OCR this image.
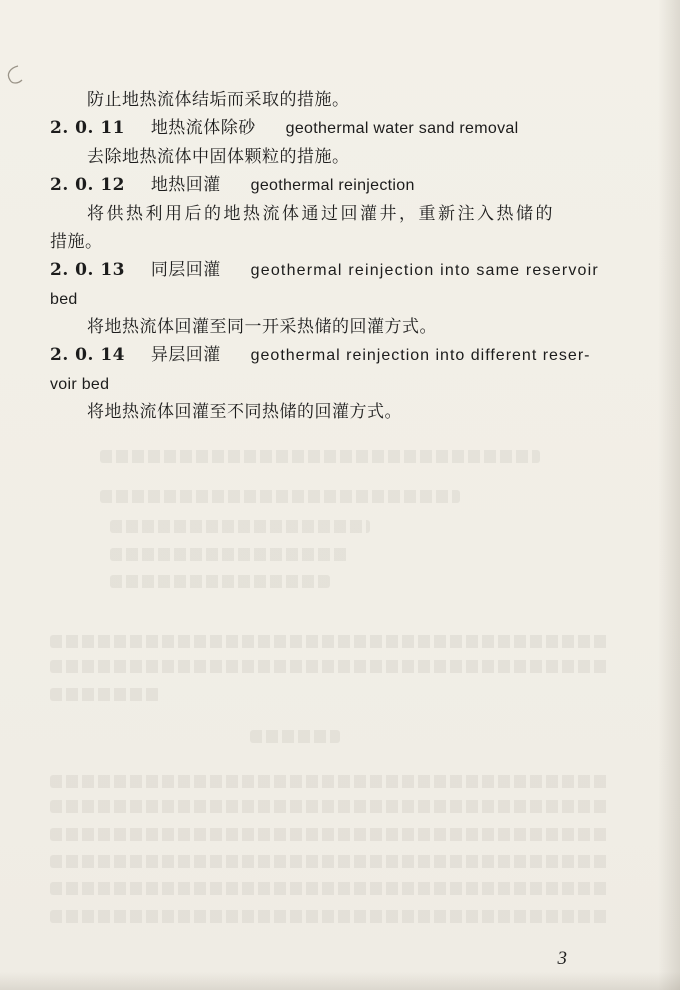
防止地热流体结垢而采取的措施。
2. 0. 11 地热流体除砂 geothermal water sand removal
去除地热流体中固体颗粒的措施。
2. 0. 12 地热回灌 geothermal reinjection
将供热利用后的地热流体通过回灌井，重新注入热储的
措施。
2. 0. 13 同层回灌 geothermal reinjection into same reservoir
bed
将地热流体回灌至同一开采热储的回灌方式。
2. 0. 14 异层回灌 geothermal reinjection into different reser-
voir bed
将地热流体回灌至不同热储的回灌方式。
3
